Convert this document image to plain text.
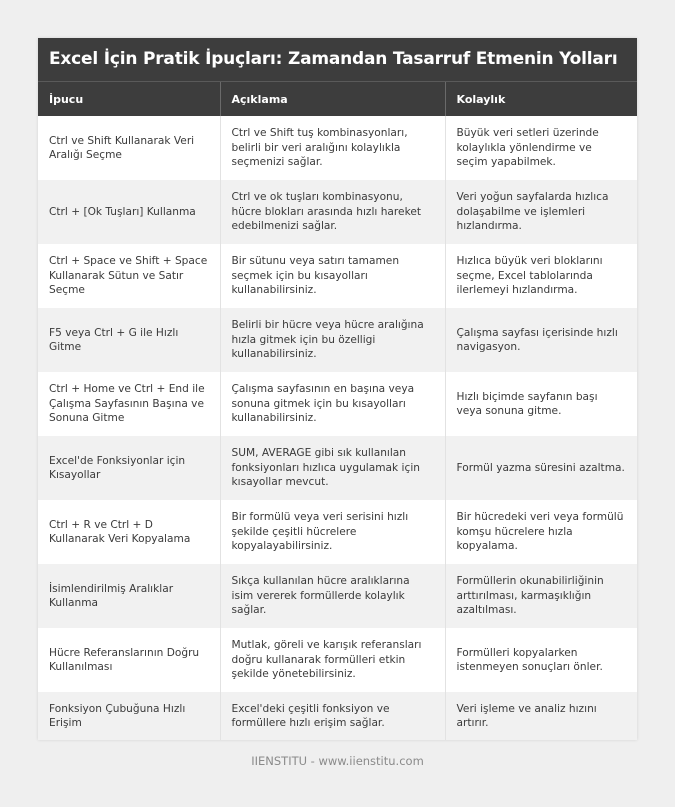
Excel İçin Pratik İpuçları: Zamandan Tasarruf Etmenin Yolları
İpucu	Açıklama	Kolaylık
Ctrl ve Shift Kullanarak Veri Aralığı Seçme	Ctrl ve Shift tuş kombinasyonları, belirli bir veri aralığını kolaylıkla seçmenizi sağlar.	Büyük veri setleri üzerinde kolaylıkla yönlendirme ve seçim yapabilmek.
Ctrl + [Ok Tuşları] Kullanma	Ctrl ve ok tuşları kombinasyonu, hücre blokları arasında hızlı hareket edebilmenizi sağlar.	Veri yoğun sayfalarda hızlıca dolaşabilme ve işlemleri hızlandırma.
Ctrl + Space ve Shift + Space Kullanarak Sütun ve Satır Seçme	Bir sütunu veya satırı tamamen seçmek için bu kısayolları kullanabilirsiniz.	Hızlıca büyük veri bloklarını seçme, Excel tablolarında ilerlemeyi hızlandırma.
F5 veya Ctrl + G ile Hızlı Gitme	Belirli bir hücre veya hücre aralığına hızla gitmek için bu özelligi kullanabilirsiniz.	Çalışma sayfası içerisinde hızlı navigasyon.
Ctrl + Home ve Ctrl + End ile Çalışma Sayfasının Başına ve Sonuna Gitme	Çalışma sayfasının en başına veya sonuna gitmek için bu kısayolları kullanabilirsiniz.	Hızlı biçimde sayfanın başı veya sonuna gitme.
Excel'de Fonksiyonlar için Kısayollar	SUM, AVERAGE gibi sık kullanılan fonksiyonları hızlıca uygulamak için kısayollar mevcut.	Formül yazma süresini azaltma.
Ctrl + R ve Ctrl + D Kullanarak Veri Kopyalama	Bir formülü veya veri serisini hızlı şekilde çeşitli hücrelere kopyalayabilirsiniz.	Bir hücredeki veri veya formülü komşu hücrelere hızla kopyalama.
İsimlendirilmiş Aralıklar Kullanma	Sıkça kullanılan hücre aralıklarına isim vererek formüllerde kolaylık sağlar.	Formüllerin okunabilirliğinin arttırılması, karmaşıklığın azaltılması.
Hücre Referanslarının Doğru Kullanılması	Mutlak, göreli ve karışık referansları doğru kullanarak formülleri etkin şekilde yönetebilirsiniz.	Formülleri kopyalarken istenmeyen sonuçları önler.
Fonksiyon Çubuğuna Hızlı Erişim	Excel'deki çeşitli fonksiyon ve formüllere hızlı erişim sağlar.	Veri işleme ve analiz hızını artırır.
IIENSTITU - www.iienstitu.com
